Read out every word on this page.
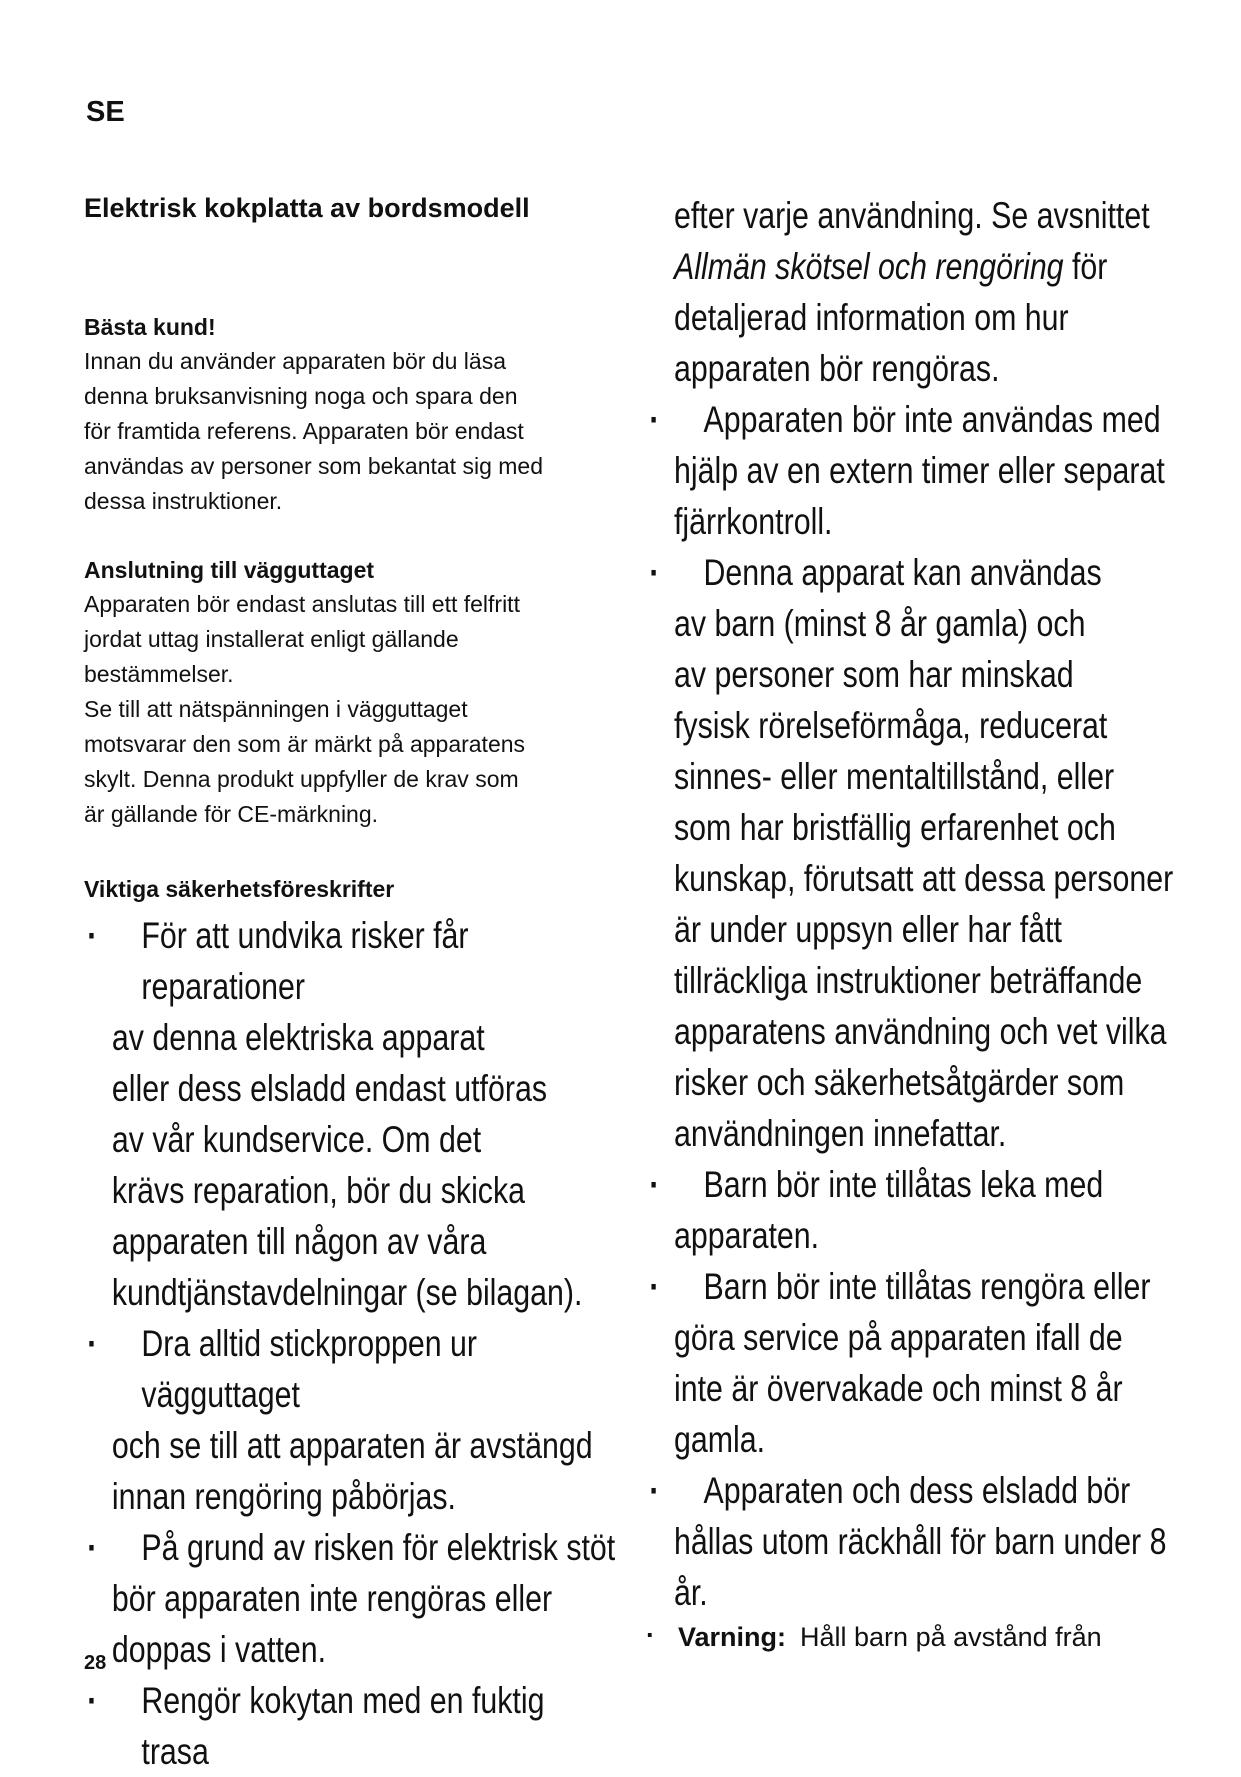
SE
Elektrisk kokplatta av bordsmodell

Bästa kund!

Innan du använder apparaten bör du läsa
denna bruksanvisning noga och spara den
för framtida referens. Apparaten bör endast
användas av personer som bekantat sig med
dessa instruktioner.

Anslutning till vägguttaget

Apparaten bör endast anslutas till ett felfritt
jordat uttag installerat enligt gällande
bestämmelser.
Se till att nätspänningen i vägguttaget
motsvarar den som är märkt på apparatens
skylt. Denna produkt uppfyller de krav som
är gällande för CE-märkning.

Viktiga säkerhetsföreskrifter

· För att undvika risker får reparationer
av denna elektriska apparat
eller dess elsladd endast utföras
av vår kundservice. Om det
krävs reparation, bör du skicka
apparaten till någon av våra
kundtjänstavdelningar (se bilagan).
· Dra alltid stickproppen ur vägguttaget
och se till att apparaten är avstängd
innan rengöring påbörjas.
· På grund av risken för elektrisk stöt
bör apparaten inte rengöras eller
doppas i vatten.
· Rengör kokytan med en fuktig trasa
efter varje användning. Se avsnittet
Allmän skötsel och rengöring för
detaljerad information om hur
apparaten bör rengöras.
· Apparaten bör inte användas med
hjälp av en extern timer eller separat
fjärrkontroll.
· Denna apparat kan användas
av barn (minst 8 år gamla) och
av personer som har minskad
fysisk rörelseförmåga, reducerat
sinnes- eller mentaltillstånd, eller
som har bristfällig erfarenhet och
kunskap, förutsatt att dessa personer
är under uppsyn eller har fått
tillräckliga instruktioner beträffande
apparatens användning och vet vilka
risker och säkerhetsåtgärder som
användningen innefattar.
· Barn bör inte tillåtas leka med
apparaten.
· Barn bör inte tillåtas rengöra eller
göra service på apparaten ifall de
inte är övervakade och minst 8 år
gamla.
· Apparaten och dess elsladd bör
hållas utom räckhåll för barn under 8
år.
· Varning: Håll barn på avstånd från
28
